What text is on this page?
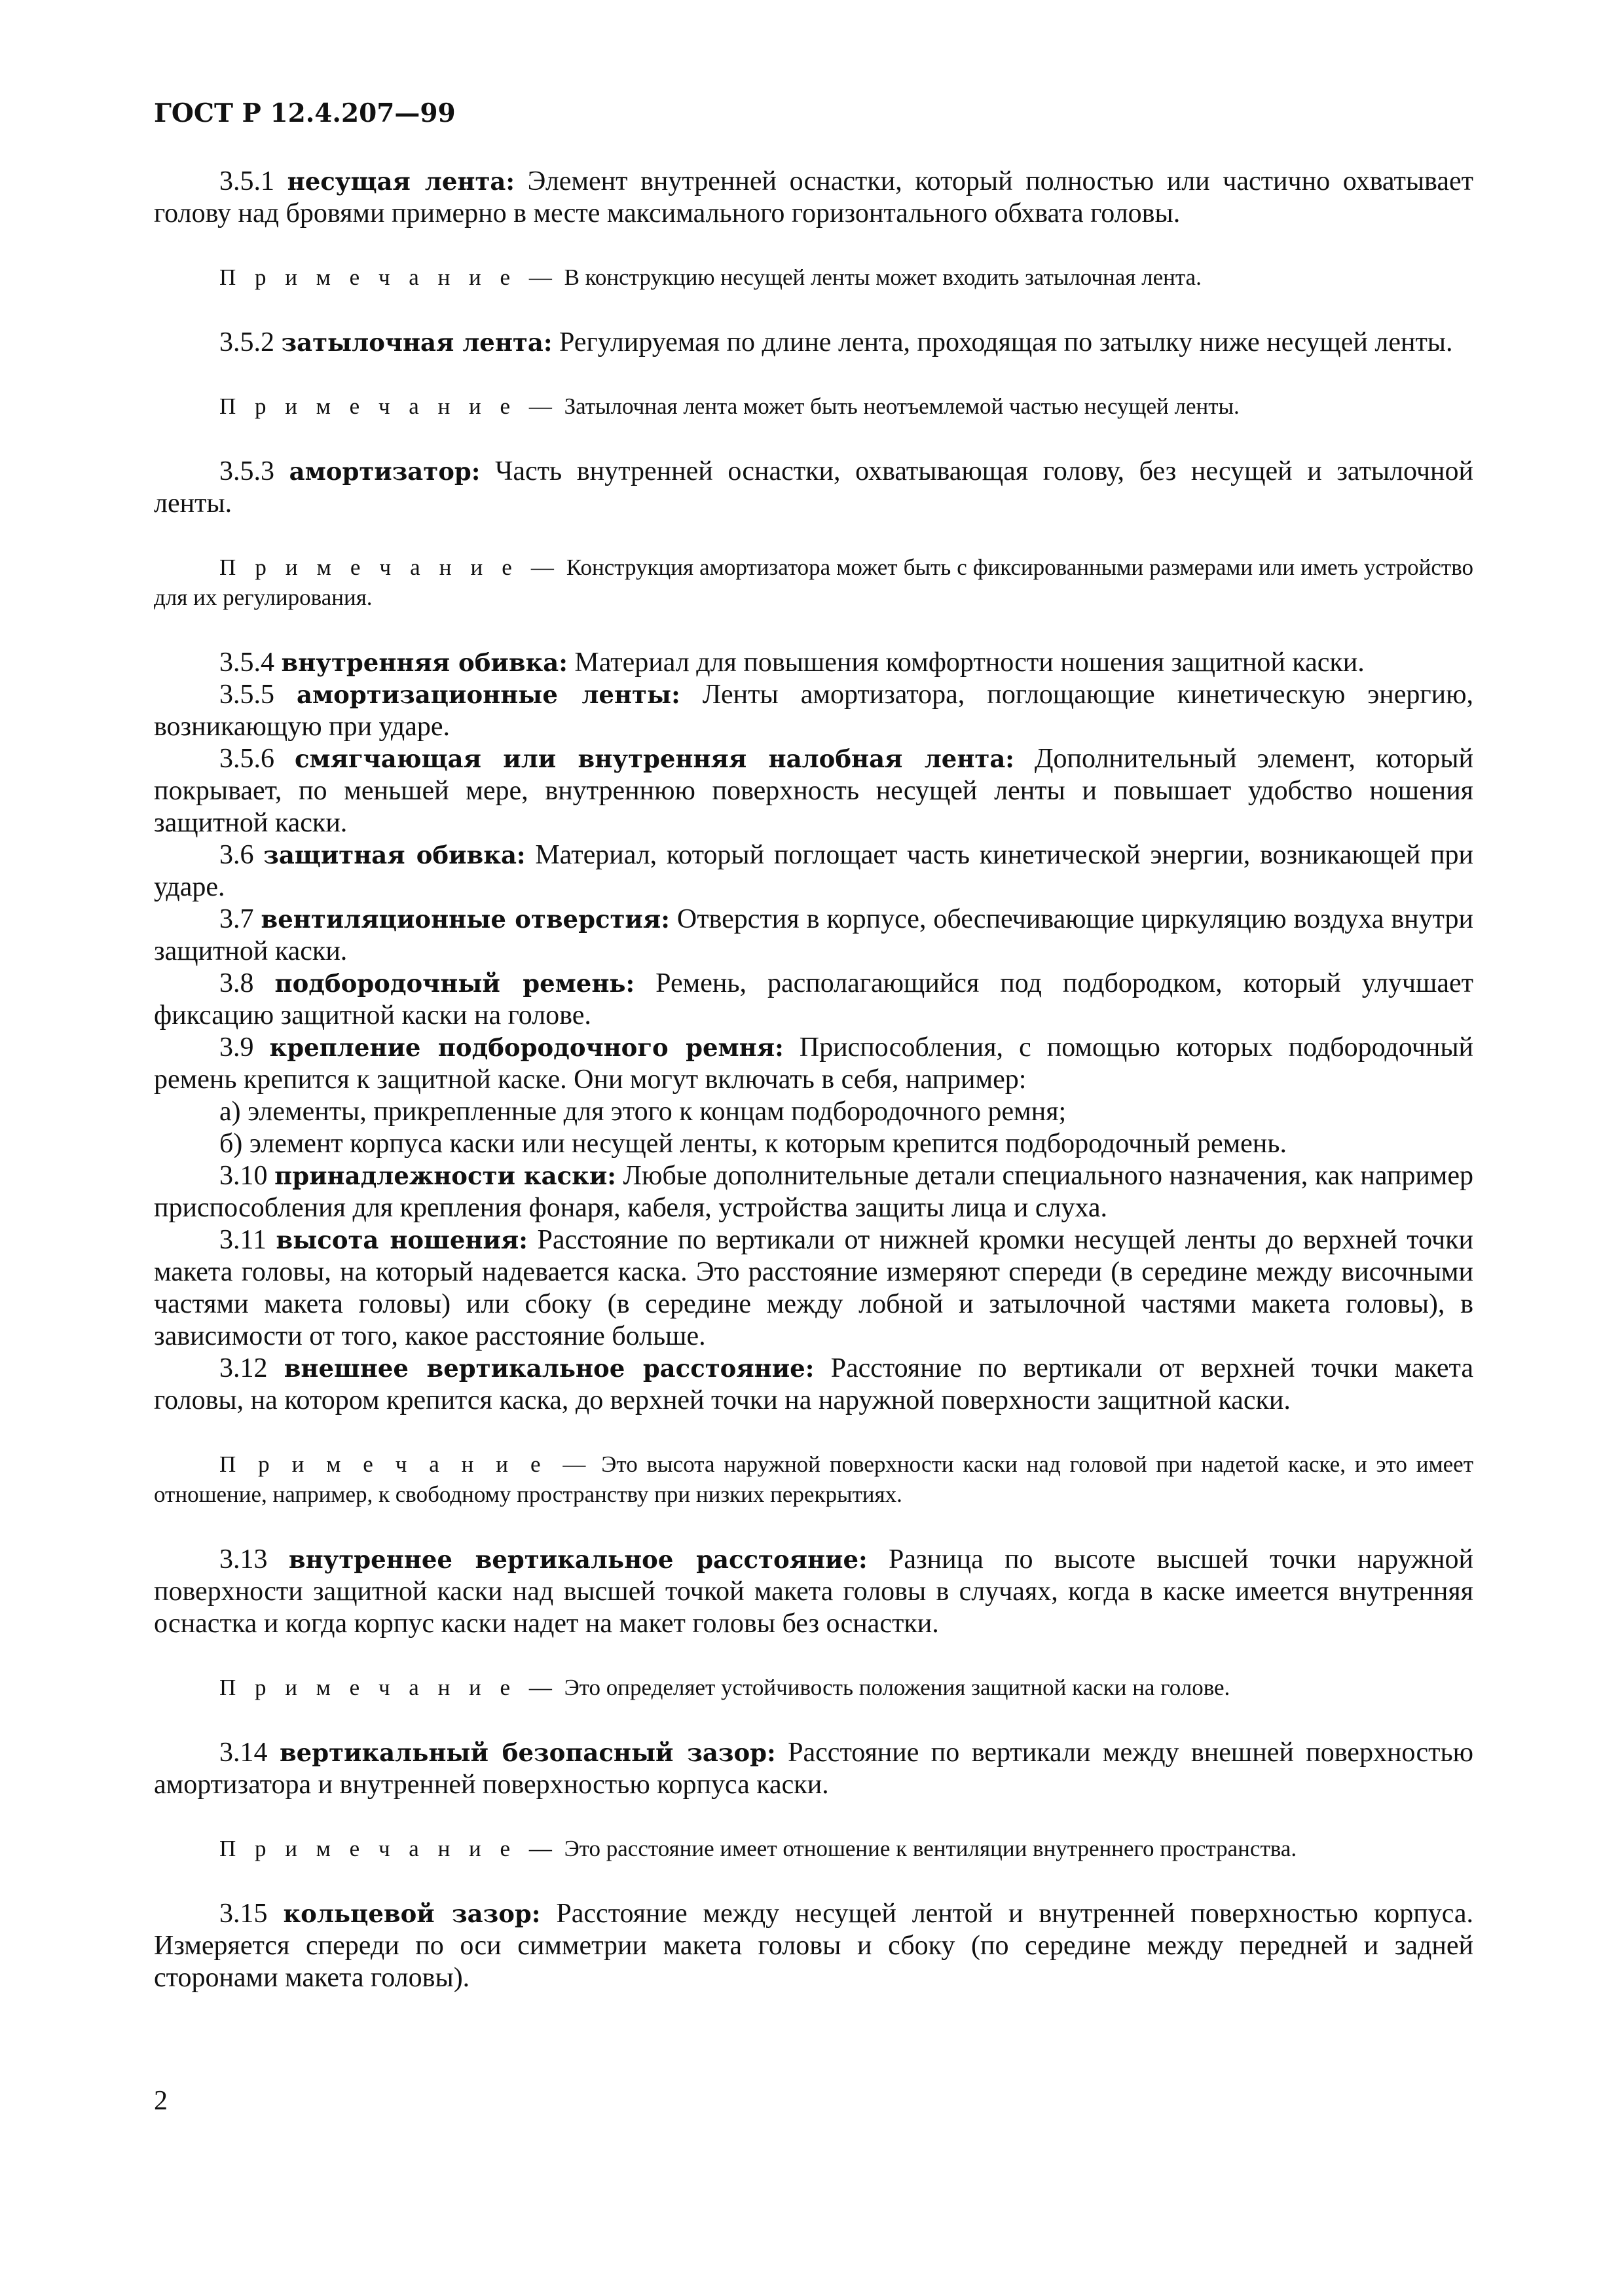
ГОСТ Р 12.4.207—99

3.5.1 несущая лента: Элемент внутренней оснастки, который полностью или частично охватывает голову над бровями примерно в месте максимального горизонтального обхвата головы.

П р и м е ч а н и е — В конструкцию несущей ленты может входить затылочная лента.

3.5.2 затылочная лента: Регулируемая по длине лента, проходящая по затылку ниже несущей ленты.

П р и м е ч а н и е — Затылочная лента может быть неотъемлемой частью несущей ленты.

3.5.3 амортизатор: Часть внутренней оснастки, охватывающая голову, без несущей и затылочной ленты.

П р и м е ч а н и е — Конструкция амортизатора может быть с фиксированными размерами или иметь устройство для их регулирования.

3.5.4 внутренняя обивка: Материал для повышения комфортности ношения защитной каски.

3.5.5 амортизационные ленты: Ленты амортизатора, поглощающие кинетическую энергию, возникающую при ударе.

3.5.6 смягчающая или внутренняя налобная лента: Дополнительный элемент, который покрывает, по меньшей мере, внутреннюю поверхность несущей ленты и повышает удобство ношения защитной каски.

3.6 защитная обивка: Материал, который поглощает часть кинетической энергии, возникающей при ударе.

3.7 вентиляционные отверстия: Отверстия в корпусе, обеспечивающие циркуляцию воздуха внутри защитной каски.

3.8 подбородочный ремень: Ремень, располагающийся под подбородком, который улучшает фиксацию защитной каски на голове.

3.9 крепление подбородочного ремня: Приспособления, с помощью которых подбородочный ремень крепится к защитной каске. Они могут включать в себя, например:

а) элементы, прикрепленные для этого к концам подбородочного ремня;

б) элемент корпуса каски или несущей ленты, к которым крепится подбородочный ремень.

3.10 принадлежности каски: Любые дополнительные детали специального назначения, как например приспособления для крепления фонаря, кабеля, устройства защиты лица и слуха.

3.11 высота ношения: Расстояние по вертикали от нижней кромки несущей ленты до верхней точки макета головы, на который надевается каска. Это расстояние измеряют спереди (в середине между височными частями макета головы) или сбоку (в середине между лобной и затылочной частями макета головы), в зависимости от того, какое расстояние больше.

3.12 внешнее вертикальное расстояние: Расстояние по вертикали от верхней точки макета головы, на котором крепится каска, до верхней точки на наружной поверхности защитной каски.

П р и м е ч а н и е — Это высота наружной поверхности каски над головой при надетой каске, и это имеет отношение, например, к свободному пространству при низких перекрытиях.

3.13 внутреннее вертикальное расстояние: Разница по высоте высшей точки наружной поверхности защитной каски над высшей точкой макета головы в случаях, когда в каске имеется внутренняя оснастка и когда корпус каски надет на макет головы без оснастки.

П р и м е ч а н и е — Это определяет устойчивость положения защитной каски на голове.

3.14 вертикальный безопасный зазор: Расстояние по вертикали между внешней поверхностью амортизатора и внутренней поверхностью корпуса каски.

П р и м е ч а н и е — Это расстояние имеет отношение к вентиляции внутреннего пространства.

3.15 кольцевой зазор: Расстояние между несущей лентой и внутренней поверхностью корпуса. Измеряется спереди по оси симметрии макета головы и сбоку (по середине между передней и задней сторонами макета головы).

2
